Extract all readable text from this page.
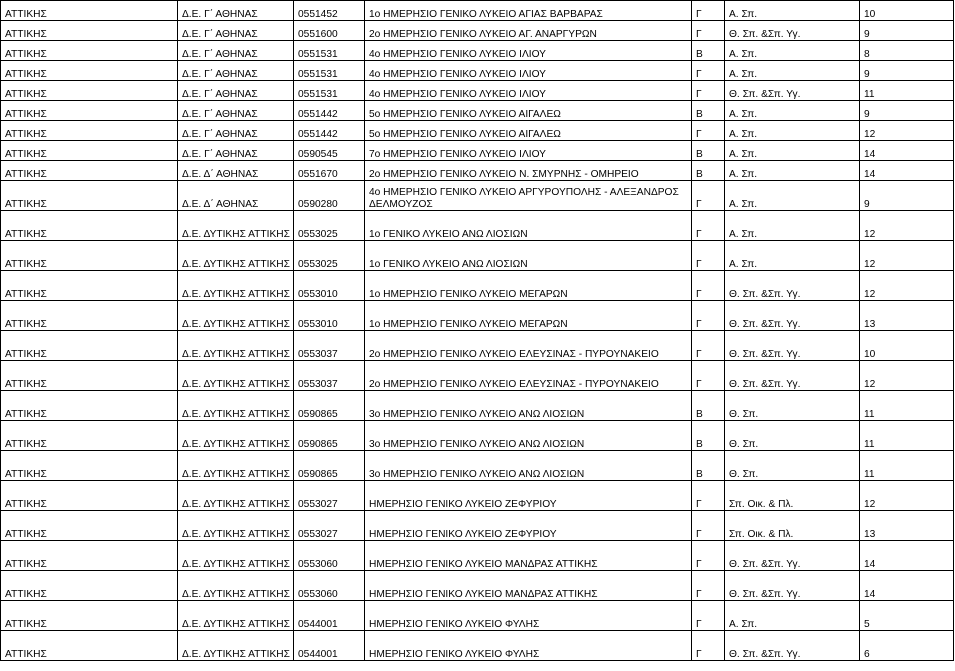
ΑΤΤΙΚΗΣ	Δ.Ε. Γ΄ ΑΘΗΝΑΣ	0551452	1ο ΗΜΕΡΗΣΙΟ ΓΕΝΙΚΟ ΛΥΚΕΙΟ ΑΓΙΑΣ ΒΑΡΒΑΡΑΣ	Γ	Α. Σπ.	10
ΑΤΤΙΚΗΣ	Δ.Ε. Γ΄ ΑΘΗΝΑΣ	0551600	2ο ΗΜΕΡΗΣΙΟ ΓΕΝΙΚΟ ΛΥΚΕΙΟ ΑΓ. ΑΝΑΡΓΥΡΩΝ	Γ	Θ. Σπ. &Σπ. Υγ.	9
ΑΤΤΙΚΗΣ	Δ.Ε. Γ΄ ΑΘΗΝΑΣ	0551531	4ο ΗΜΕΡΗΣΙΟ ΓΕΝΙΚΟ ΛΥΚΕΙΟ ΙΛΙΟΥ	Β	Α. Σπ.	8
ΑΤΤΙΚΗΣ	Δ.Ε. Γ΄ ΑΘΗΝΑΣ	0551531	4ο ΗΜΕΡΗΣΙΟ ΓΕΝΙΚΟ ΛΥΚΕΙΟ ΙΛΙΟΥ	Γ	Α. Σπ.	9
ΑΤΤΙΚΗΣ	Δ.Ε. Γ΄ ΑΘΗΝΑΣ	0551531	4ο ΗΜΕΡΗΣΙΟ ΓΕΝΙΚΟ ΛΥΚΕΙΟ ΙΛΙΟΥ	Γ	Θ. Σπ. &Σπ. Υγ.	11
ΑΤΤΙΚΗΣ	Δ.Ε. Γ΄ ΑΘΗΝΑΣ	0551442	5ο ΗΜΕΡΗΣΙΟ ΓΕΝΙΚΟ ΛΥΚΕΙΟ ΑΙΓΑΛΕΩ	Β	Α. Σπ.	9
ΑΤΤΙΚΗΣ	Δ.Ε. Γ΄ ΑΘΗΝΑΣ	0551442	5ο ΗΜΕΡΗΣΙΟ ΓΕΝΙΚΟ ΛΥΚΕΙΟ ΑΙΓΑΛΕΩ	Γ	Α. Σπ.	12
ΑΤΤΙΚΗΣ	Δ.Ε. Γ΄ ΑΘΗΝΑΣ	0590545	7ο ΗΜΕΡΗΣΙΟ ΓΕΝΙΚΟ ΛΥΚΕΙΟ ΙΛΙΟΥ	Β	Α. Σπ.	14
ΑΤΤΙΚΗΣ	Δ.Ε. Δ΄ ΑΘΗΝΑΣ	0551670	2ο ΗΜΕΡΗΣΙΟ ΓΕΝΙΚΟ ΛΥΚΕΙΟ Ν. ΣΜΥΡΝΗΣ - ΟΜΗΡΕΙΟ	Β	Α. Σπ.	14
ΑΤΤΙΚΗΣ	Δ.Ε. Δ΄ ΑΘΗΝΑΣ	0590280	4ο ΗΜΕΡΗΣΙΟ ΓΕΝΙΚΟ ΛΥΚΕΙΟ ΑΡΓΥΡΟΥΠΟΛΗΣ - ΑΛΕΞΑΝΔΡΟΣ ΔΕΛΜΟΥΖΟΣ	Γ	Α. Σπ.	9
ΑΤΤΙΚΗΣ	Δ.Ε. ΔΥΤΙΚΗΣ ΑΤΤΙΚΗΣ	0553025	1ο ΓΕΝΙΚΟ ΛΥΚΕΙΟ ΑΝΩ ΛΙΟΣΙΩΝ	Γ	Α. Σπ.	12
ΑΤΤΙΚΗΣ	Δ.Ε. ΔΥΤΙΚΗΣ ΑΤΤΙΚΗΣ	0553025	1ο ΓΕΝΙΚΟ ΛΥΚΕΙΟ ΑΝΩ ΛΙΟΣΙΩΝ	Γ	Α. Σπ.	12
ΑΤΤΙΚΗΣ	Δ.Ε. ΔΥΤΙΚΗΣ ΑΤΤΙΚΗΣ	0553010	1ο ΗΜΕΡΗΣΙΟ ΓΕΝΙΚΟ ΛΥΚΕΙΟ ΜΕΓΑΡΩΝ	Γ	Θ. Σπ. &Σπ. Υγ.	12
ΑΤΤΙΚΗΣ	Δ.Ε. ΔΥΤΙΚΗΣ ΑΤΤΙΚΗΣ	0553010	1ο ΗΜΕΡΗΣΙΟ ΓΕΝΙΚΟ ΛΥΚΕΙΟ ΜΕΓΑΡΩΝ	Γ	Θ. Σπ. &Σπ. Υγ.	13
ΑΤΤΙΚΗΣ	Δ.Ε. ΔΥΤΙΚΗΣ ΑΤΤΙΚΗΣ	0553037	2ο ΗΜΕΡΗΣΙΟ ΓΕΝΙΚΟ ΛΥΚΕΙΟ ΕΛΕΥΣΙΝΑΣ - ΠΥΡΟΥΝΑΚΕΙΟ	Γ	Θ. Σπ. &Σπ. Υγ.	10
ΑΤΤΙΚΗΣ	Δ.Ε. ΔΥΤΙΚΗΣ ΑΤΤΙΚΗΣ	0553037	2ο ΗΜΕΡΗΣΙΟ ΓΕΝΙΚΟ ΛΥΚΕΙΟ ΕΛΕΥΣΙΝΑΣ - ΠΥΡΟΥΝΑΚΕΙΟ	Γ	Θ. Σπ. &Σπ. Υγ.	12
ΑΤΤΙΚΗΣ	Δ.Ε. ΔΥΤΙΚΗΣ ΑΤΤΙΚΗΣ	0590865	3ο ΗΜΕΡΗΣΙΟ ΓΕΝΙΚΟ ΛΥΚΕΙΟ ΑΝΩ ΛΙΟΣΙΩΝ	Β	Θ. Σπ.	11
ΑΤΤΙΚΗΣ	Δ.Ε. ΔΥΤΙΚΗΣ ΑΤΤΙΚΗΣ	0590865	3ο ΗΜΕΡΗΣΙΟ ΓΕΝΙΚΟ ΛΥΚΕΙΟ ΑΝΩ ΛΙΟΣΙΩΝ	Β	Θ. Σπ.	11
ΑΤΤΙΚΗΣ	Δ.Ε. ΔΥΤΙΚΗΣ ΑΤΤΙΚΗΣ	0590865	3ο ΗΜΕΡΗΣΙΟ ΓΕΝΙΚΟ ΛΥΚΕΙΟ ΑΝΩ ΛΙΟΣΙΩΝ	Β	Θ. Σπ.	11
ΑΤΤΙΚΗΣ	Δ.Ε. ΔΥΤΙΚΗΣ ΑΤΤΙΚΗΣ	0553027	ΗΜΕΡΗΣΙΟ ΓΕΝΙΚΟ ΛΥΚΕΙΟ ΖΕΦΥΡΙΟΥ	Γ	Σπ. Οικ. & Πλ.	12
ΑΤΤΙΚΗΣ	Δ.Ε. ΔΥΤΙΚΗΣ ΑΤΤΙΚΗΣ	0553027	ΗΜΕΡΗΣΙΟ ΓΕΝΙΚΟ ΛΥΚΕΙΟ ΖΕΦΥΡΙΟΥ	Γ	Σπ. Οικ. & Πλ.	13
ΑΤΤΙΚΗΣ	Δ.Ε. ΔΥΤΙΚΗΣ ΑΤΤΙΚΗΣ	0553060	ΗΜΕΡΗΣΙΟ ΓΕΝΙΚΟ ΛΥΚΕΙΟ ΜΑΝΔΡΑΣ ΑΤΤΙΚΗΣ	Γ	Θ. Σπ. &Σπ. Υγ.	14
ΑΤΤΙΚΗΣ	Δ.Ε. ΔΥΤΙΚΗΣ ΑΤΤΙΚΗΣ	0553060	ΗΜΕΡΗΣΙΟ ΓΕΝΙΚΟ ΛΥΚΕΙΟ ΜΑΝΔΡΑΣ ΑΤΤΙΚΗΣ	Γ	Θ. Σπ. &Σπ. Υγ.	14
ΑΤΤΙΚΗΣ	Δ.Ε. ΔΥΤΙΚΗΣ ΑΤΤΙΚΗΣ	0544001	ΗΜΕΡΗΣΙΟ ΓΕΝΙΚΟ ΛΥΚΕΙΟ ΦΥΛΗΣ	Γ	Α. Σπ.	5
ΑΤΤΙΚΗΣ	Δ.Ε. ΔΥΤΙΚΗΣ ΑΤΤΙΚΗΣ	0544001	ΗΜΕΡΗΣΙΟ ΓΕΝΙΚΟ ΛΥΚΕΙΟ ΦΥΛΗΣ	Γ	Θ. Σπ. &Σπ. Υγ.	6
